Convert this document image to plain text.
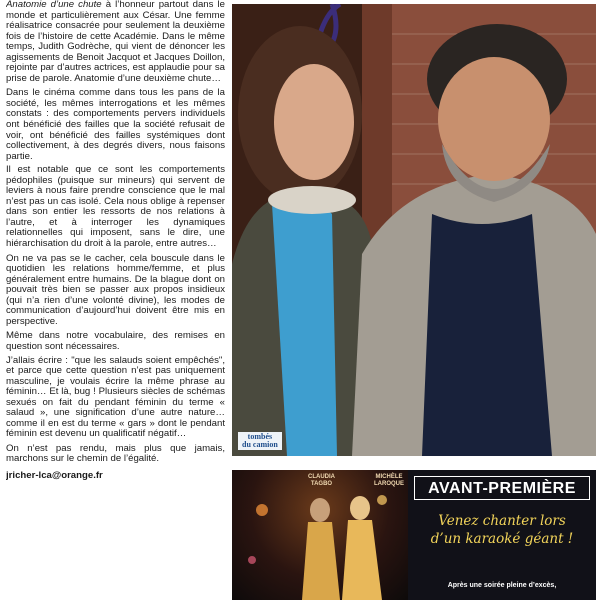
Anatomie d’une chute à l’honneur partout dans le monde et particulièrement aux César. Une femme réalisatrice consacrée pour seulement la deuxième fois de l’histoire de cette Académie. Dans le même temps, Judith Godrèche, qui vient de dénoncer les agissements de Benoit Jacquot et Jacques Doillon, rejointe par d’autres actrices, est applaudie pour sa prise de parole. Anatomie d’une deuxième chute…

Dans le cinéma comme dans tous les pans de la société, les mêmes interrogations et les mêmes constats : des comportements pervers individuels ont bénéficié des failles que la société refusait de voir, ont bénéficié des failles systémiques dont collectivement, à des degrés divers, nous faisons partie.

Il est notable que ce sont les comportements pédophiles (puisque sur mineurs) qui servent de leviers à nous faire prendre conscience que le mal n’est pas un cas isolé. Cela nous oblige à repenser dans son entier les ressorts de nos relations à l’autre, et à interroger les dynamiques relationnelles qui imposent, sans le dire, une hiérarchisation du droit à la parole, entre autres…

On ne va pas se le cacher, cela bouscule dans le quotidien les relations homme/femme, et plus généralement entre humains. De la blague dont on pouvait très bien se passer aux propos insidieux (qui n’a rien d’une volonté divine), les modes de communication d’aujourd’hui doivent être mis en perspective.

Même dans notre vocabulaire, des remises en question sont nécessaires.

J’allais écrire : "que les salauds soient empêchés", et parce que cette question n’est pas uniquement masculine, je voulais écrire la même phrase au féminin… Et là, bug ! Plusieurs siècles de schémas sexués on fait du pendant féminin du terme « salaud », une signification d’une autre nature… comme il en est du terme « gars » dont le pendant féminin est devenu un qualificatif négatif…

On n’est pas rendu, mais plus que jamais, marchons sur le chemin de l’égalité.

jricher-lca@orange.fr
tombés
du camion
CLAUDIA
TAGBO
MICHÈLE
LAROQUE	AVANT-PREMIÈRE
Venez chanter lors
d’un karaoké géant !
Après une soirée pleine d’excès,
